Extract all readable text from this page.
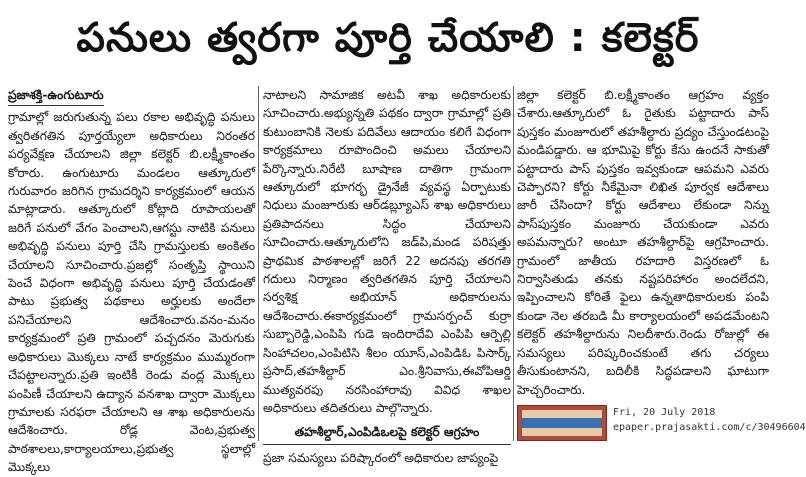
పనులు త్వరగా పూర్తి చేయాలి : కలెక్టర్
ప్రజాశక్తి-ఉంగుటూరు

గ్రామాల్లో జరుగుతున్న పలు రకాల అభివృద్ధి పనులు త్వరితగతిన పూర్తయ్యేలా అధికారులు నిరంతర పర్యవేక్షణ చేయాలని జిల్లా కలెక్టర్ బి.లక్ష్మీకాంతం కోరారు. ఉంగుటూరు మండలం ఆత్కూరులో గురువారం జరిగిన గ్రామదర్శిని కార్యక్రమంలో ఆయన మాట్లాడారు. ఆత్కూరులో కోట్లాది రూపాయలతో జరిగే పనులో వేగం పెంచాలని,ఆగస్టు నాటికి పనులు అభివృద్ధి పనులు పూర్తి చేసి గ్రామస్తులకు అంకితం చేయాలని సూచించారు.ప్రజల్లో సంతృప్తి స్థాయిని పెంచే విధంగా అభివృద్ధి పనులు పూర్తి చేయడంతో పాటు ప్రభుత్వ పథకాలు అర్హులకు అందేలా పనిచేయాలని ఆదేశించారు.వనం-మనం కార్యక్రమంలో ప్రతి గ్రామంలో పచ్చదనం మెరుగుకు అధికారులు మొక్కలు నాటే కార్యక్రమం ముమ్మరంగా చేపట్టాలన్నారు.ప్రతి ఇంటికీ రెండు వంద్ల మొక్కలు పంపిణీ చేయాలని ఉద్యాన వనశాఖ ద్వారా మొక్కలు గ్రామాలకు సరఫరా చేయాలని ఆ శాఖ అధికారులను ఆదేశించారు. రోడ్ల వెంట,ప్రభుత్వ పాఠశాలలు,కార్యాలయాలు,ప్రభుత్వ స్థలాల్లో మొక్కలు

నాటాలని సామాజిక అటవీ శాఖ అధికారులకు సూచించారు.అభ్యున్నతి పథకం ద్వారా గ్రామాల్లో ప్రతి కుటుంబానికి నెలకు పదివేలు ఆదాయం కలిగే విధంగా కార్యక్రమాలు రూపొందించి అమలు చేయాలని పేర్కొన్నారు.నిరేటి బూషాణ దాతిగా గ్రామంగా ఆత్కూరులో భూగర్భ డ్రైనేజీ వ్యవస్థ ఏర్పాటుకు నిధులు మంజూరుకు ఆర్‌డబ్ల్యూఎస్ శాఖ అధికారులు ప్రతిపాదనలు సిద్ధం చేయాలని సూచించారు.ఆత్కూరులోని జడ్‌పి,మండ పరిషత్తు ప్రాథమిక పాఠశాలల్లో జరిగే 22 అదనపు తరగతి గదులు నిర్మాణం త్వరితగతిన పూర్తి చేయాలని సర్వశిక్ష అభియాన్ అధికారులను ఆదేశించారు.ఈకార్యక్రమంలో గ్రామసర్పంచ్ కుర్రా సుబ్బారెడ్డి,ఎంపిపి గుడె ఇందిరాదేవి ఎంపిపి ఆర్పెల్లి సింహాచలం,ఎంపిటిసి శీలం యూస్,ఎంపిడిఓ పిసార్క్ ప్రసాద్,తహశీల్దార్ ఎం.శ్రీనివాసు,ఈవోపిఆర్డి ముత్యవరపు నరసింహారావు వివిధ శాఖల అధికారులు తదితరులు పాల్గొన్నారు.

తహశీల్దార్,ఎంపిడిఒలపై కలెక్టర్ ఆగ్రహం

ప్రజా సమస్యలు పరిష్కారంలో అధికారుల జాప్యంపై

జిల్లా కలెక్టర్ బి.లక్ష్మీకాంతం ఆగ్రహం వ్యక్తం చేశారు.ఆత్కూరులో ఓ రైతుకు పట్టాదారు పాస్ పుస్తకం మంజూరులో తహశీల్దారు ప్రద్యం చేస్తుండటంపై మండిపడ్డారు. ఆ భూమిపై కోర్టు కేసు ఉందనే సాకుతో పట్టాదారు పాస్ పుస్తకం ఇవ్వకుండా ఆపమని ఎవరు చెప్పారని? కోర్టు నీకేమైనా లిఖిత పూర్వక ఆదేశాలు జారీ చేసిందా? కోర్టు ఆదేశాలు లేకుండా నిన్ను పాస్‌పుస్తకం మంజూరు చేయకుండా ఎవరు అపమన్నారు? అంటూ తహశీల్దార్‌పై ఆగ్రహించారు. గ్రామంలో జాతీయ రహదారి విస్తరణలో ఓ నిర్వాసితుడు తనకు నష్టపరిహారం అందలేదని, ఇప్పించాలని కోరితే ఫైలు ఉన్నతాధికారులకు పంపి కుండా నెల తరబడి మీ కార్యాలయంలో అపడమేంటని కలెక్టర్ తహశీల్దారును నిలదీశారు.రెండు రోజుల్లో ఈ సమస్యలు పరిష్కరించకుంటే తగు చర్యలు తీసుకుంటానని, బదిలీకి సిద్ధపడాలని ఘాటుగా హెచ్చరించారు.

Fri, 20 July 2018
epaper.prajasakti.com/c/30496604
